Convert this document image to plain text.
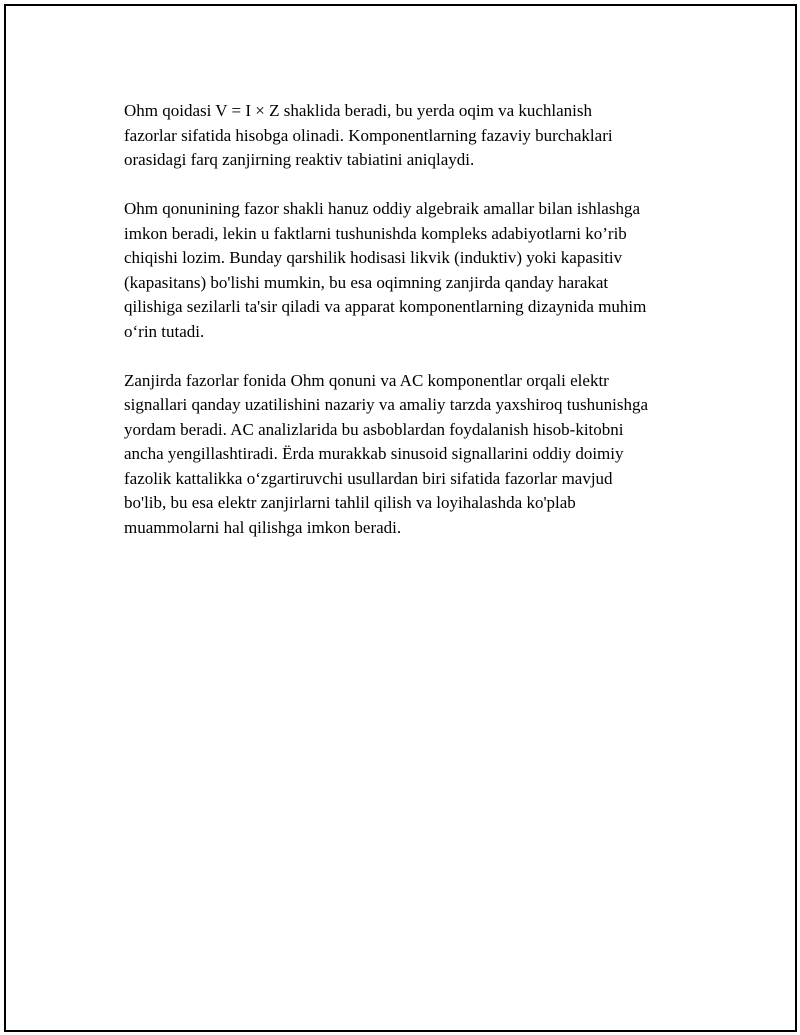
Ohm qoidasi V = I × Z shaklida beradi, bu yerda oqim va kuchlanish
fazorlar sifatida hisobga olinadi. Komponentlarning fazaviy burchaklari
orasidagi farq zanjirning reaktiv tabiatini aniqlaydi.

Ohm qonunining fazor shakli hanuz oddiy algebraik amallar bilan ishlashga
imkon beradi, lekin u faktlarni tushunishda kompleks adabiyotlarni ko’rib
chiqishi lozim. Bunday qarshilik hodisasi likvik (induktiv) yoki kapasitiv
(kapasitans) bo'lishi mumkin, bu esa oqimning zanjirda qanday harakat
qilishiga sezilarli ta'sir qiladi va apparat komponentlarning dizaynida muhim
o‘rin tutadi.

Zanjirda fazorlar fonida Ohm qonuni va AC komponentlar orqali elektr
signallari qanday uzatilishini nazariy va amaliy tarzda yaxshiroq tushunishga
yordam beradi. AC analizlarida bu asboblardan foydalanish hisob-kitobni
ancha yengillashtiradi. Ërda murakkab sinusoid signallarini oddiy doimiy
fazolik kattalikka o‘zgartiruvchi usullardan biri sifatida fazorlar mavjud
bo'lib, bu esa elektr zanjirlarni tahlil qilish va loyihalashda ko'plab
muammolarni hal qilishga imkon beradi.
